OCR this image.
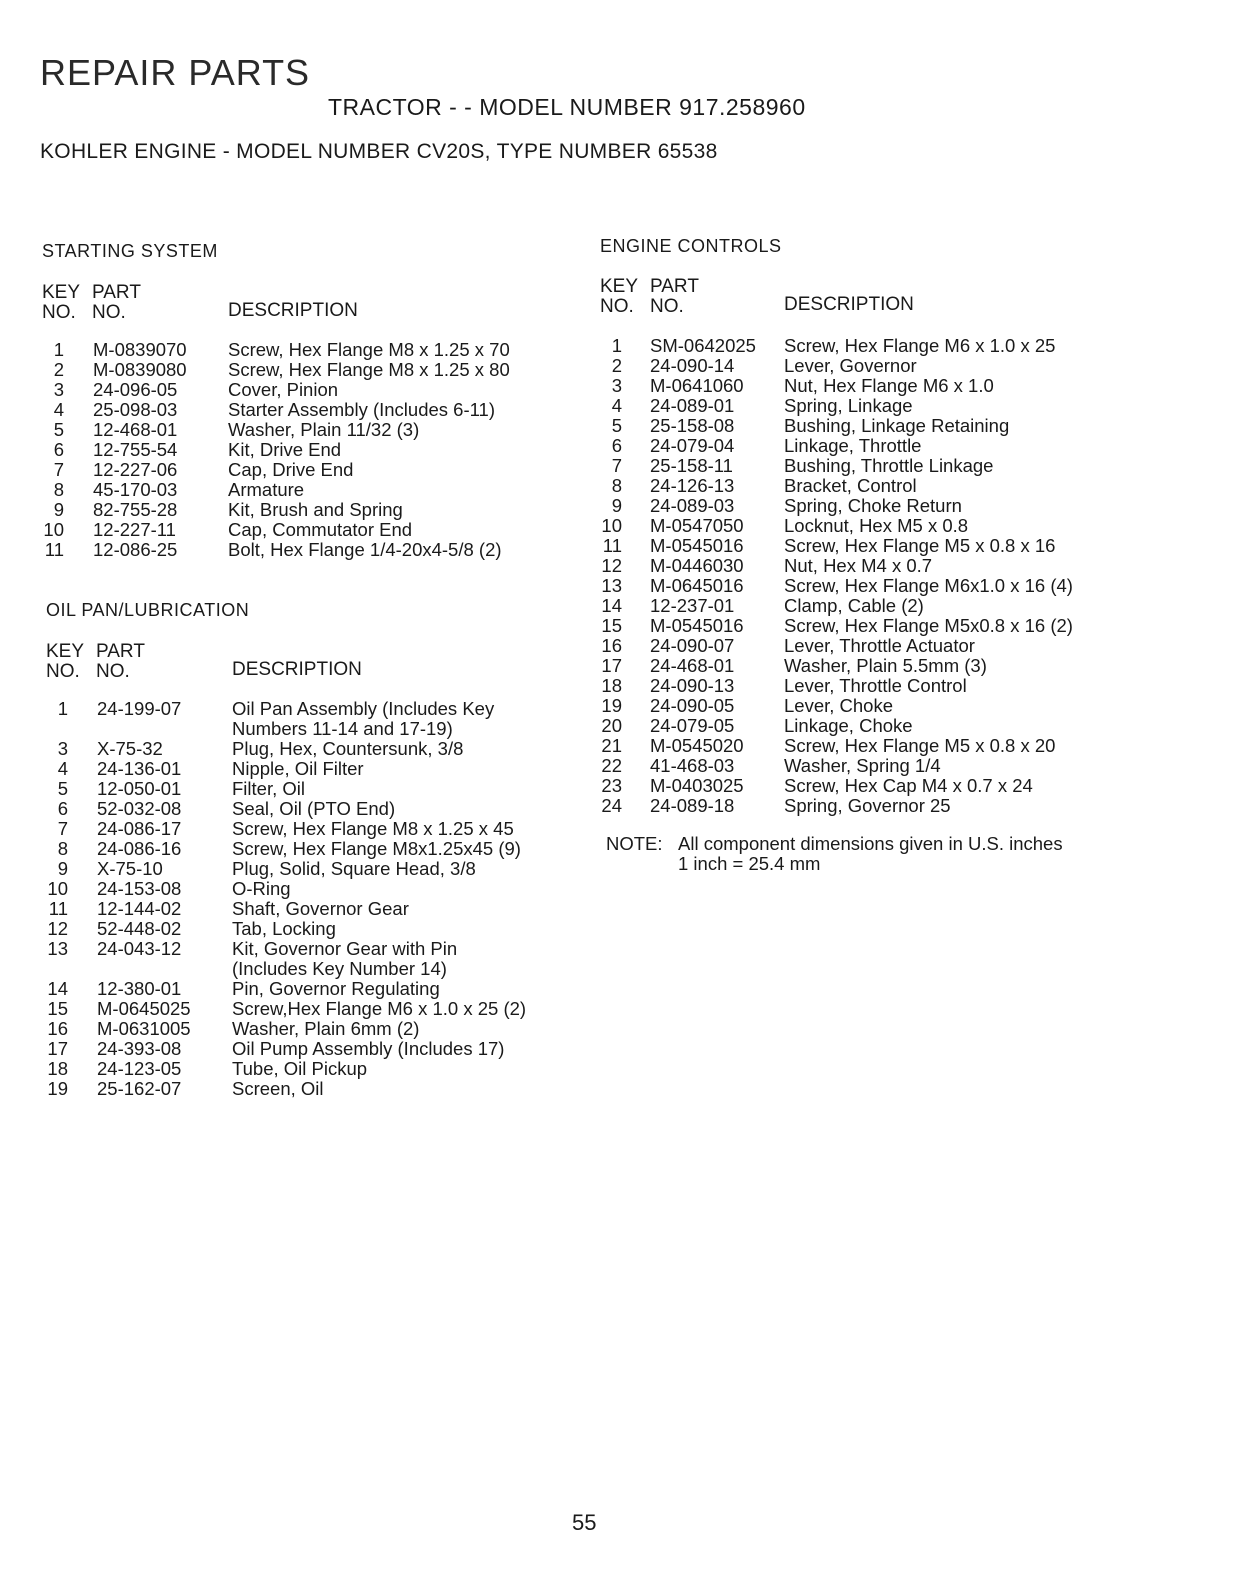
REPAIR PARTS
TRACTOR - - MODEL NUMBER 917.258960
KOHLER ENGINE - MODEL NUMBER CV20S, TYPE NUMBER 65538
STARTING SYSTEM
KEY PART
NO. NO.	DESCRIPTION
1 M-0839070 Screw, Hex Flange M8 x 1.25 x 70
2 M-0839080 Screw, Hex Flange M8 x 1.25 x 80
3 24-096-05	Cover, Pinion
4 25-098-03	Starter Assembly (Includes 6-11)
5 12-468-01	Washer, Plain 11/32 (3)
6 12-755-54	Kit, Drive End
7 12-227-06	Cap, Drive End
8 45-170-03	Armature
9 82-755-28	Kit, Brush and Spring
10 12-227-11	Cap, Commutator End
11 12-086-25	Bolt, Hex Flange 1/4-20x4-5/8 (2)
OIL PAN/LUBRICATION
KEY PART
NO. NO.	DESCRIPTION
1 24-199-07	Oil Pan Assembly (Includes Key
Numbers 11-14 and 17-19)
3 X-75-32	Plug, Hex, Countersunk, 3/8
4 24-136-01	Nipple, Oil Filter
5 12-050-01	Filter, Oil
6 52-032-08	Seal, Oil (PTO End)
7 24-086-17	Screw, Hex Flange M8 x 1.25 x 45
8 24-086-16	Screw, Hex Flange M8x1.25x45 (9)
9 X-75-10	Plug, Solid, Square Head, 3/8
10 24-153-08	O-Ring
11 12-144-02	Shaft, Governor Gear
12 52-448-02	Tab, Locking
13 24-043-12	Kit, Governor Gear with Pin
(Includes Key Number 14)
14 12-380-01	Pin, Governor Regulating
15 M-0645025 Screw,Hex Flange M6 x 1.0 x 25 (2)
16 M-0631005 Washer, Plain 6mm (2)
17 24-393-08	Oil Pump Assembly (Includes 17)
18 24-123-05	Tube, Oil Pickup
19 25-162-07	Screen, Oil
ENGINE CONTROLS
KEY PART
NO. NO.	DESCRIPTION
1 SM-0642025 Screw, Hex Flange M6 x 1.0 x 25
2 24-090-14	Lever, Governor
3 M-0641060 Nut, Hex Flange M6 x 1.0
4 24-089-01	Spring, Linkage
5 25-158-08	Bushing, Linkage Retaining
6 24-079-04	Linkage, Throttle
7 25-158-11	Bushing, Throttle Linkage
8 24-126-13	Bracket, Control
9 24-089-03	Spring, Choke Return
10 M-0547050 Locknut, Hex M5 x 0.8
11 M-0545016 Screw, Hex Flange M5 x 0.8 x 16
12 M-0446030 Nut, Hex M4 x 0.7
13 M-0645016 Screw, Hex Flange M6x1.0 x 16 (4)
14 12-237-01	Clamp, Cable (2)
15 M-0545016 Screw, Hex Flange M5x0.8 x 16 (2)
16 24-090-07	Lever, Throttle Actuator
17 24-468-01	Washer, Plain 5.5mm (3)
18 24-090-13	Lever, Throttle Control
19 24-090-05	Lever, Choke
20 24-079-05	Linkage, Choke
21 M-0545020 Screw, Hex Flange M5 x 0.8 x 20
22 41-468-03	Washer, Spring 1/4
23 M-0403025 Screw, Hex Cap M4 x 0.7 x 24
24 24-089-18	Spring, Governor 25
NOTE: All component dimensions given in U.S. inches
1 inch = 25.4 mm
55
